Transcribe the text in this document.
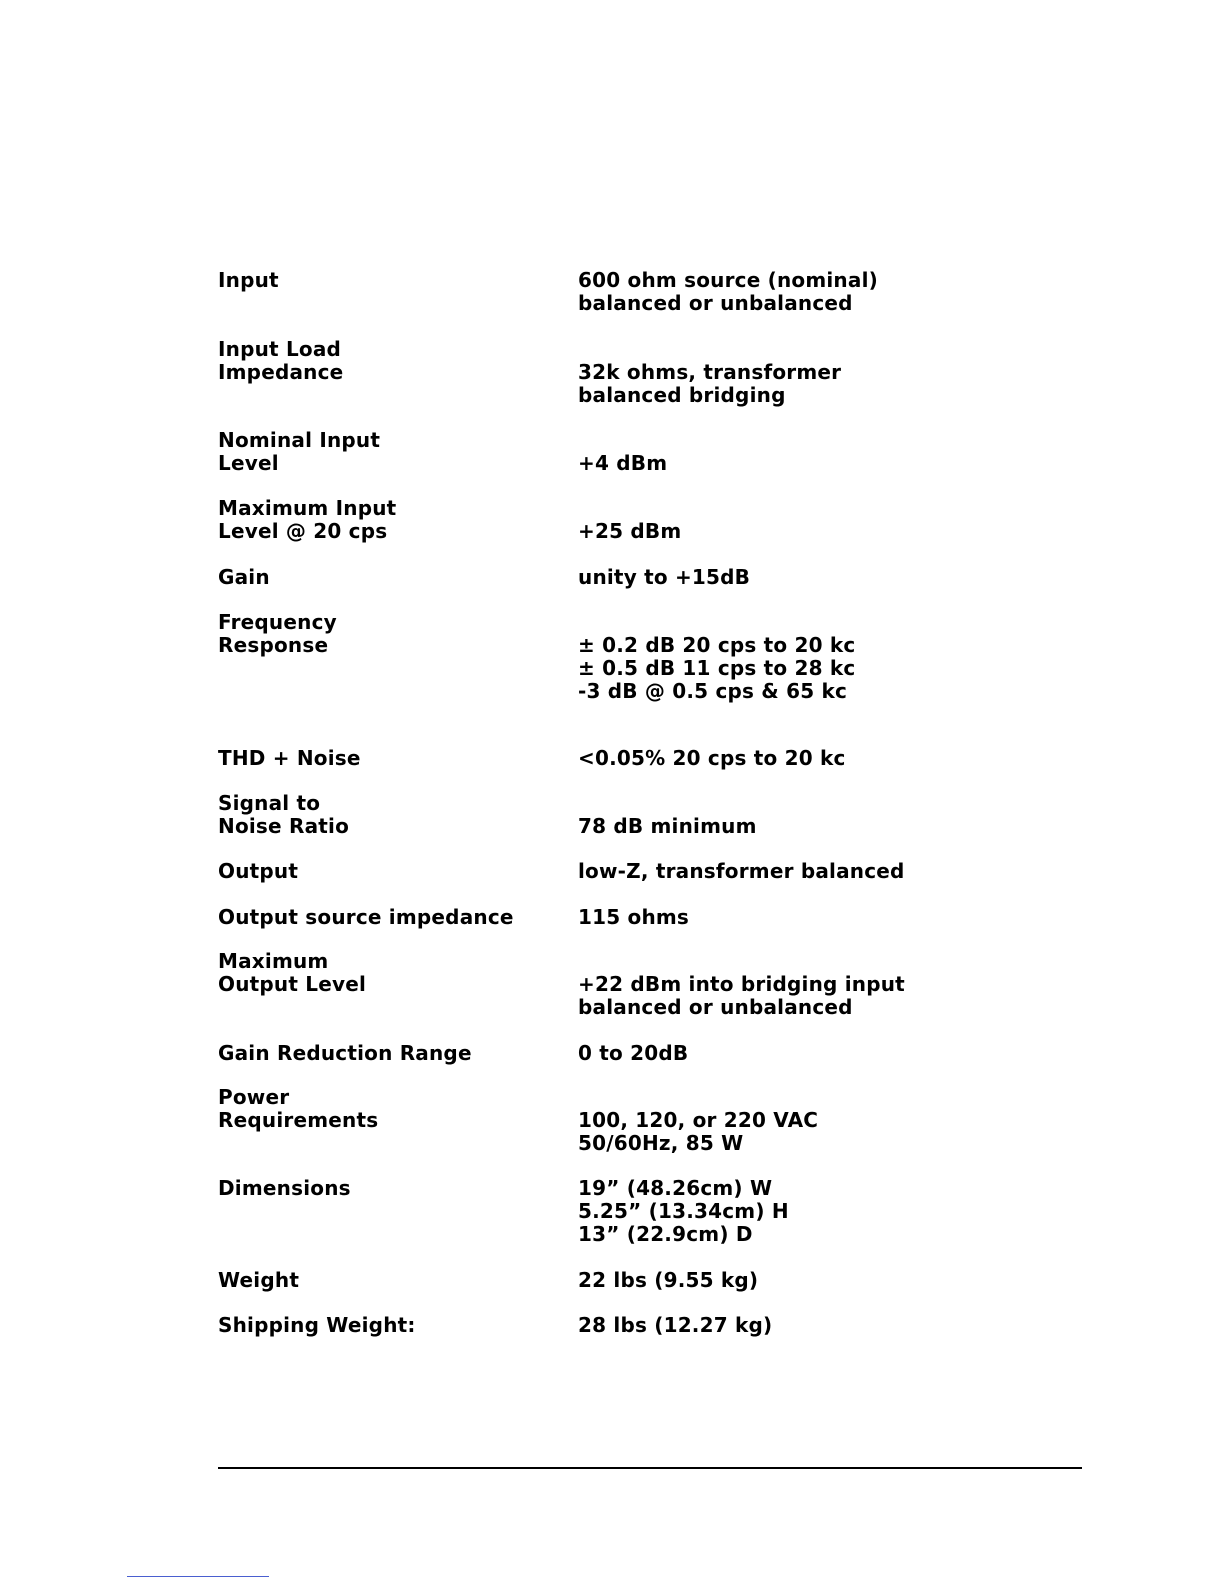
Input	600 ohm source (nominal)
balanced or unbalanced
Input Load
Impedance	32k ohms, transformer
balanced bridging
Nominal Input
Level	+4 dBm
Maximum Input
Level @ 20 cps	+25 dBm
Gain	unity to +15dB
Frequency
Response	± 0.2 dB 20 cps to 20 kc
± 0.5 dB 11 cps to 28 kc
-3 dB @ 0.5 cps & 65 kc
THD + Noise	<0.05% 20 cps to 20 kc
Signal to
Noise Ratio	78 dB minimum
Output	low-Z, transformer balanced
Output source impedance	115 ohms
Maximum
Output Level	+22 dBm into bridging input
balanced or unbalanced
Gain Reduction Range	0 to 20dB
Power
Requirements	100, 120, or 220 VAC
50/60Hz, 85 W
Dimensions	19” (48.26cm) W
5.25” (13.34cm) H
13” (22.9cm) D
Weight	22 lbs (9.55 kg)
Shipping Weight:	28 lbs (12.27 kg)
